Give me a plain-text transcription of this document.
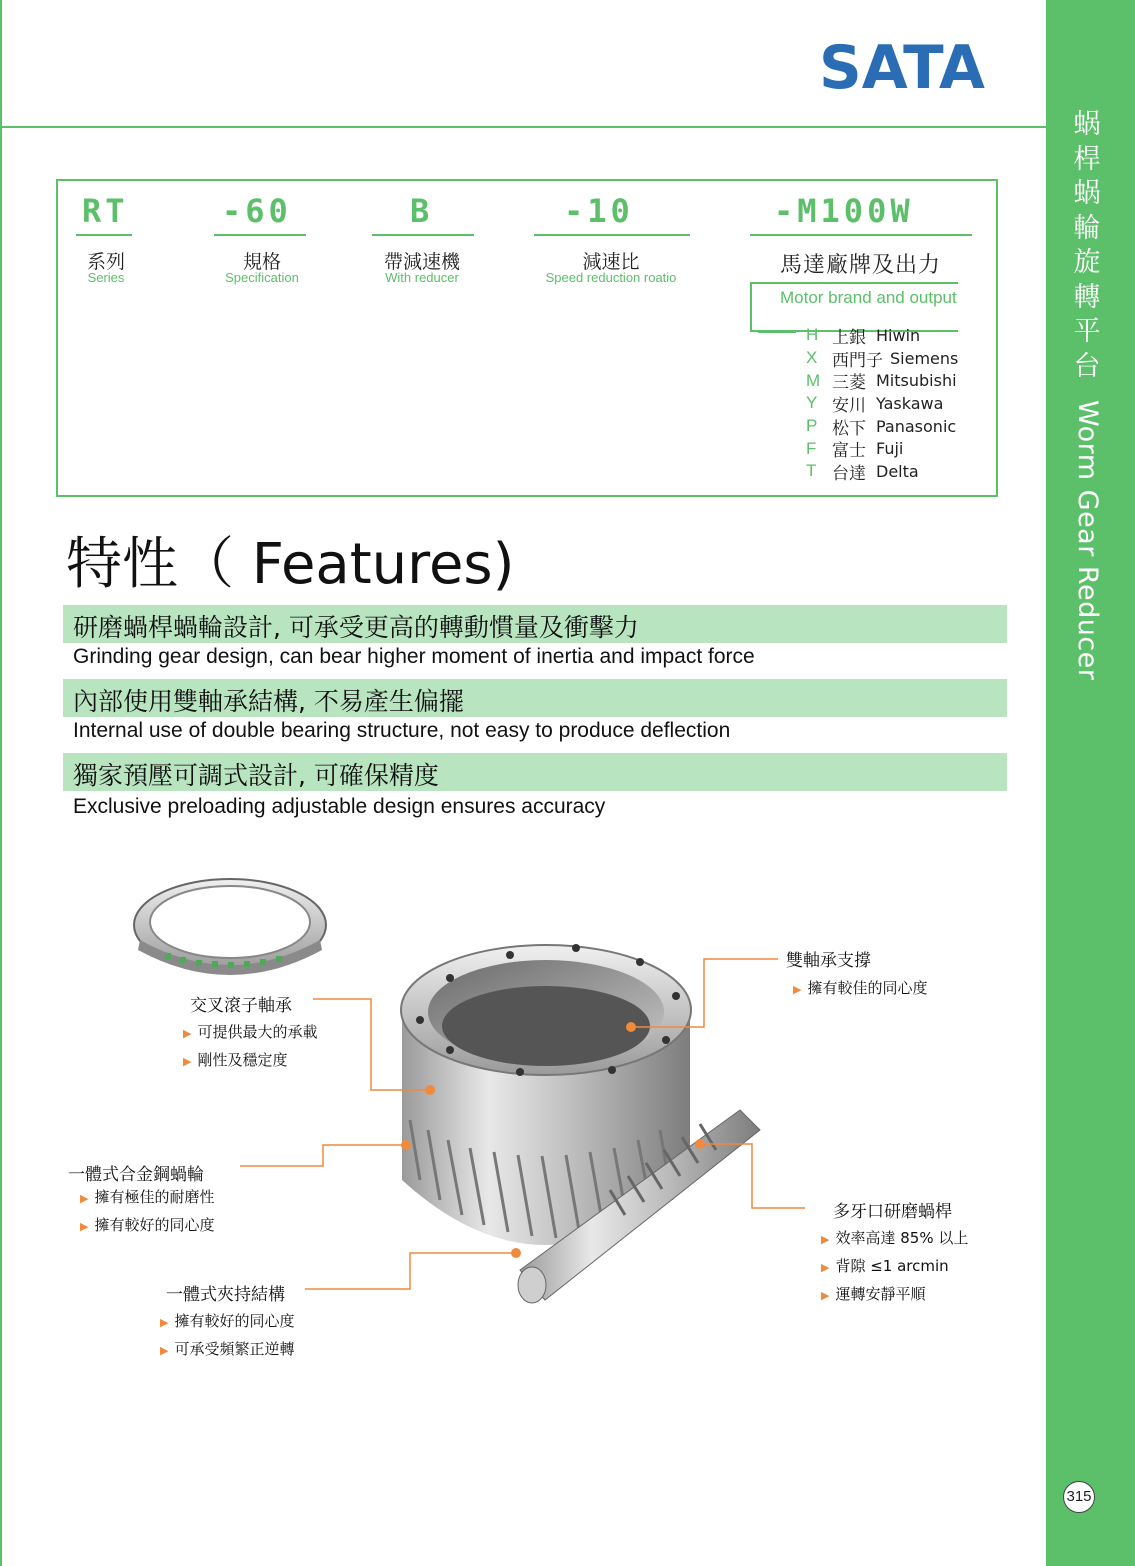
SATA
蜗桿蜗輪旋轉平台
Worm Gear Reducer
315
RT
系列
Series
-60
規格
Specification
B
帶減速機
With reducer
-10
減速比
Speed reduction roatio
-M100W
馬達廠牌及出力
Motor brand and output
H 上銀 Hiwin
X 西門子 Siemens
M 三菱 Mitsubishi
Y 安川 Yaskawa
P 松下 Panasonic
F 富士 Fuji
T 台達 Delta
特性（ Features)
研磨蝸桿蝸輪設計, 可承受更高的轉動慣量及衝擊力
Grinding gear design, can bear higher moment of inertia and impact force
內部使用雙軸承結構, 不易產生偏擺
Internal use of double bearing structure, not easy to produce deflection
獨家預壓可調式設計, 可確保精度
Exclusive preloading adjustable design ensures accuracy
交叉滾子軸承
▶ 可提供最大的承載
▶ 剛性及穩定度
一體式合金鋼蝸輪
▶ 擁有極佳的耐磨性
▶ 擁有較好的同心度
一體式夾持結構
▶ 擁有較好的同心度
▶ 可承受頻繁正逆轉
雙軸承支撐
▶ 擁有較佳的同心度
多牙口研磨蝸桿
▶ 效率高達 85% 以上
▶ 背隙 ≤1 arcmin
▶ 運轉安靜平順
